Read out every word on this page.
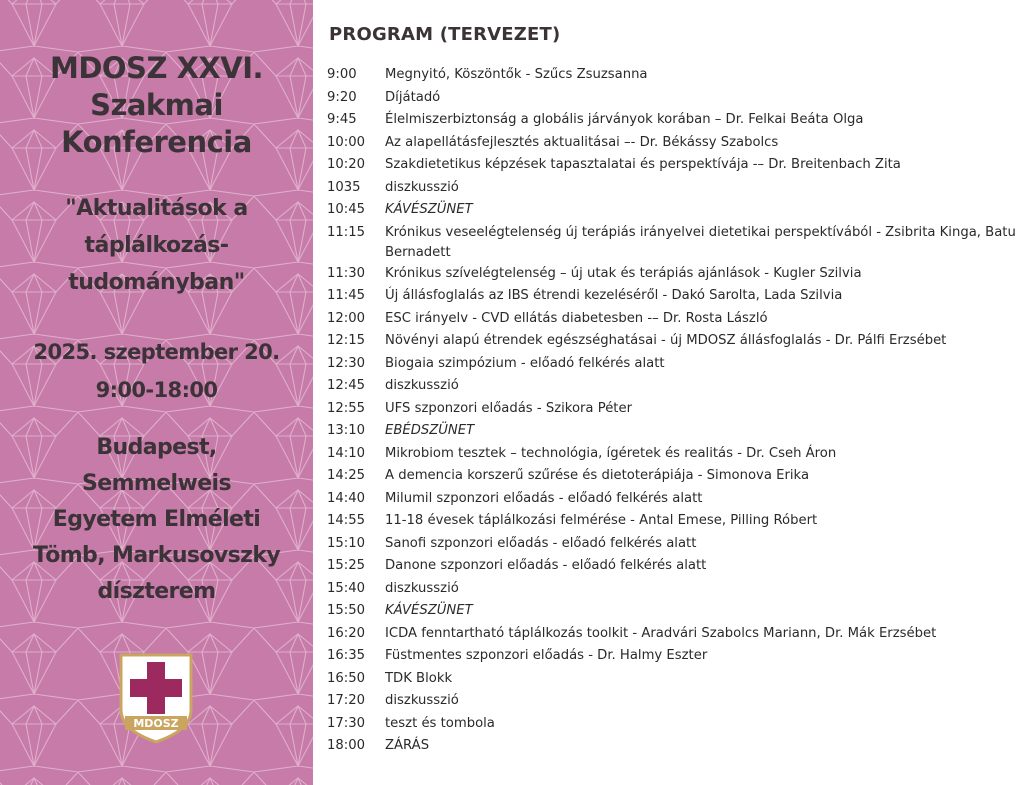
MDOSZ XXVI.
Szakmai
Konferencia
"Aktualitások a
táplálkozás-
tudományban"
2025. szeptember 20.
9:00-18:00
Budapest,
Semmelweis
Egyetem Elméleti
Tömb, Markusovszky
díszterem
MDOSZ
PROGRAM (TERVEZET)
9:00	Megnyitó, Köszöntők - Szűcs Zsuzsanna
9:20	Díjátadó
9:45	Élelmiszerbiztonság a globális járványok korában – Dr. Felkai Beáta Olga
10:00	Az alapellátásfejlesztés aktualitásai –- Dr. Békássy Szabolcs
10:20	Szakdietetikus képzések tapasztalatai és perspektívája -– Dr. Breitenbach Zita
1035	diszkusszió
10:45	KÁVÉSZÜNET
11:15	Krónikus veseelégtelenség új terápiás irányelvei dietetikai perspektívából - Zsibrita Kinga, Batu Bernadett
11:30	Krónikus szívelégtelenség – új utak és terápiás ajánlások - Kugler Szilvia
11:45	Új állásfoglalás az IBS étrendi kezeléséről - Dakó Sarolta, Lada Szilvia
12:00	ESC irányelv - CVD ellátás diabetesben -– Dr. Rosta László
12:15	Növényi alapú étrendek egészséghatásai - új MDOSZ állásfoglalás - Dr. Pálfi Erzsébet
12:30	Biogaia szimpózium - előadó felkérés alatt
12:45	diszkusszió
12:55	UFS szponzori előadás - Szikora Péter
13:10	EBÉDSZÜNET
14:10	Mikrobiom tesztek – technológia, ígéretek és realitás - Dr. Cseh Áron
14:25	A demencia korszerű szűrése és dietoterápiája - Simonova Erika
14:40	Milumil szponzori előadás - előadó felkérés alatt
14:55	11-18 évesek táplálkozási felmérése - Antal Emese, Pilling Róbert
15:10	Sanofi szponzori előadás - előadó felkérés alatt
15:25	Danone szponzori előadás - előadó felkérés alatt
15:40	diszkusszió
15:50	KÁVÉSZÜNET
16:20	ICDA fenntartható táplálkozás toolkit - Aradvári Szabolcs Mariann, Dr. Mák Erzsébet
16:35	Füstmentes szponzori előadás - Dr. Halmy Eszter
16:50	TDK Blokk
17:20	diszkusszió
17:30	teszt és tombola
18:00	ZÁRÁS
